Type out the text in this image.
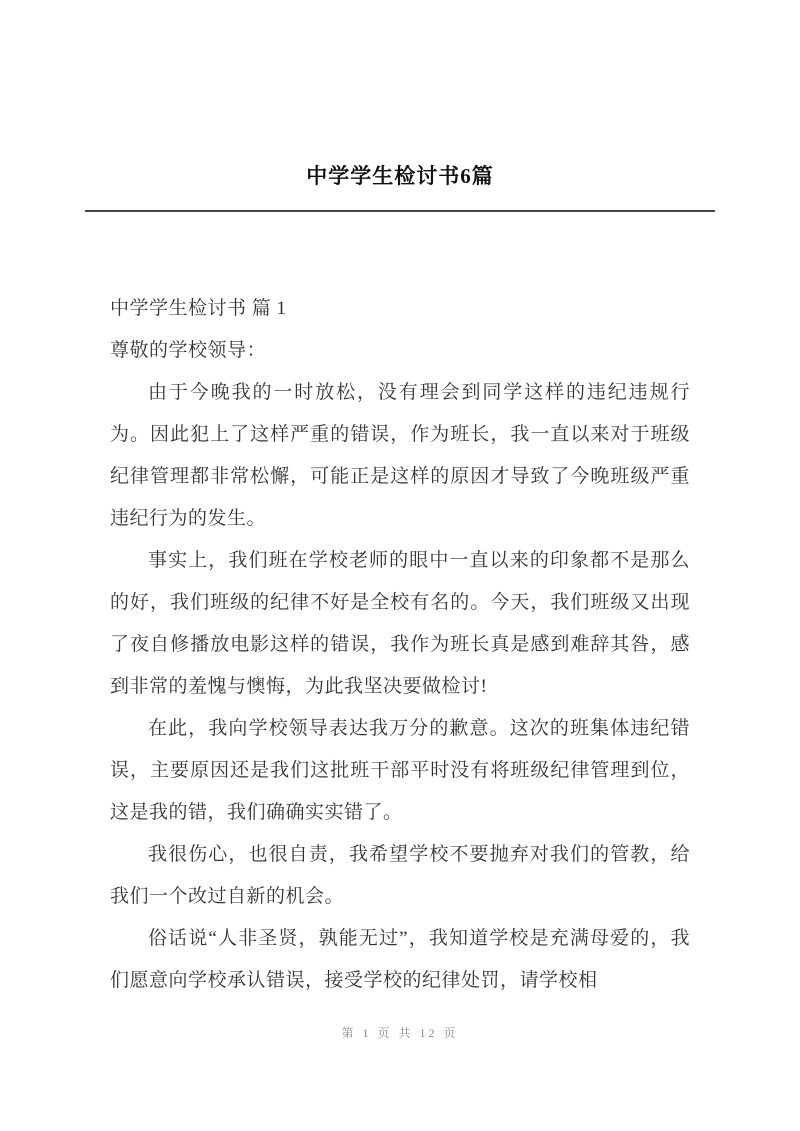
中学学生检讨书6篇

中学学生检讨书 篇 1

尊敬的学校领导：

由于今晚我的一时放松，没有理会到同学这样的违纪违规行为。因此犯上了这样严重的错误，作为班长，我一直以来对于班级纪律管理都非常松懈，可能正是这样的原因才导致了今晚班级严重违纪行为的发生。

事实上，我们班在学校老师的眼中一直以来的印象都不是那么的好，我们班级的纪律不好是全校有名的。今天，我们班级又出现了夜自修播放电影这样的错误，我作为班长真是感到难辞其咎，感到非常的羞愧与懊悔，为此我坚决要做检讨!

在此，我向学校领导表达我万分的歉意。这次的班集体违纪错误，主要原因还是我们这批班干部平时没有将班级纪律管理到位，这是我的错，我们确确实实错了。

我很伤心，也很自责，我希望学校不要抛弃对我们的管教，给我们一个改过自新的机会。

俗话说“人非圣贤，孰能无过”，我知道学校是充满母爱的，我们愿意向学校承认错误，接受学校的纪律处罚，请学校相

第 1 页 共 12 页
